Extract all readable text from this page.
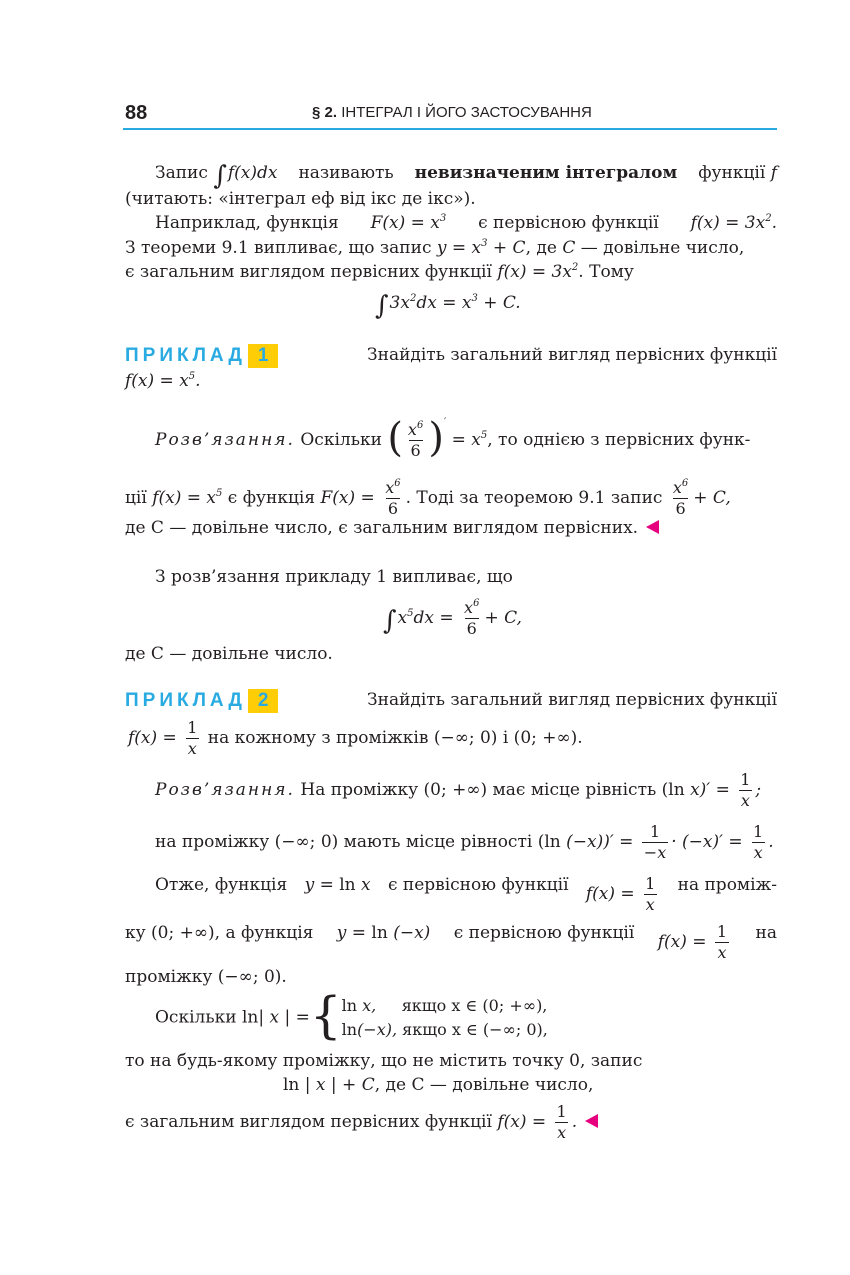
88	§ 2. ІНТЕГРАЛ І ЙОГО ЗАСТОСУВАННЯ
Запис ∫f(x)dx називають невизначеним інтегралом функції f
(читають: «інтеграл еф від ікс де ікс»).
Наприклад, функція $F(x) = x^3$ є первісною функції $f(x) = 3x^2$.
З теореми 9.1 випливає, що запис $y = x^3 + C$, де C — довільне число,
є загальним виглядом первісних функції $f(x) = 3x^2$. Тому
$\int 3x^2dx = x^3 + C$.
ПРИКЛАД 1	Знайдіть загальний вигляд первісних функції
$f(x) = x^5$.
Розв’язання. Оскільки ( $\frac{x^6}{6} )' = x^5$, то однією з первісних функ-
ції $f(x) = x^5$ є функція $F(x) = \frac{x^6}{6}$ . Тоді за теоремою 9.1 запис $\frac{x^6}{6} + C$,
де C — довільне число, є загальним виглядом первісних.
З розв’язання прикладу 1 випливає, що
$\int x^5dx = \frac{x^6}{6} + C$,
де C — довільне число.
ПРИКЛАД 2	Знайдіть загальний вигляд первісних функції
$f(x) = \frac{1}{x}$ на кожному з проміжків (−∞; 0) і (0; +∞).
Розв’язання. На проміжку (0; +∞) має місце рівність (ln $x)' = \frac{1}{x}$ ;
на проміжку (−∞; 0) мають місце рівності (ln $(-x))' = \frac{1}{-x} \cdot (-x)' = \frac{1}{x}$ .
Отже, функція y = ln x є первісною функції $f(x) = \frac{1}{x}$ на промiж-
ку (0; +∞), а функція y = ln (−x) є первісною функції $f(x) = \frac{1}{x}$ на
проміжку (−∞; 0).
Оскільки ln| x | ={ ln x, якщо x ∈ (0; +∞),
ln(−x), якщо x ∈ (−∞; 0),
то на будь-якому проміжку, що не містить точку 0, запис
ln | x | + C, де C — довільне число,
є загальним виглядом первісних функції $f(x) = \frac{1}{x}$ .
